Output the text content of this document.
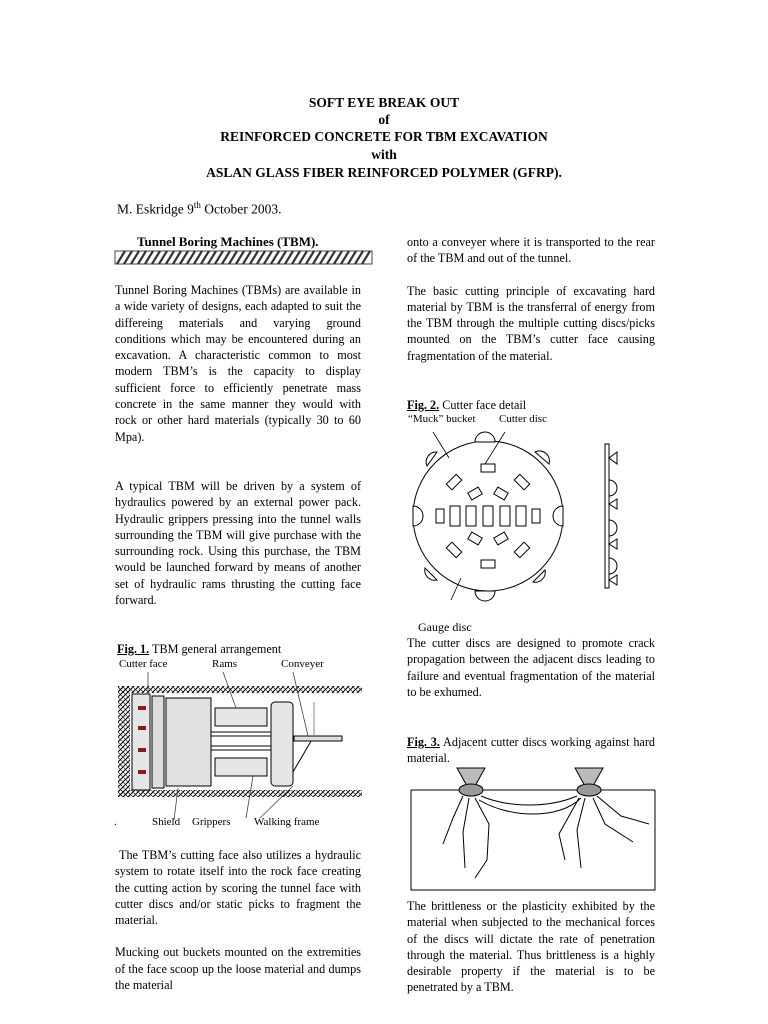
SOFT EYE BREAK OUT
of
REINFORCED CONCRETE FOR TBM EXCAVATION
with
ASLAN GLASS FIBER REINFORCED POLYMER (GFRP).
M. Eskridge 9th October 2003.
Tunnel Boring Machines (TBM).

Tunnel Boring Machines (TBMs) are available in a wide variety of designs, each adapted to suit the differeing materials and varying ground conditions which may be encountered during an excavation. A characteristic common to most modern TBM’s is the capacity to display sufficient force to efficiently penetrate mass concrete in the same manner they would with rock or other hard materials (typically 30 to 60 Mpa).

A typical TBM will be driven by a system of hydraulics powered by an external power pack. Hydraulic grippers pressing into the tunnel walls surrounding the TBM will give purchase with the surrounding rock. Using this purchase, the TBM would be launched forward by means of another set of hydraulic rams thrusting the cutting face forward.

Fig. 1. TBM general arrangement
Cutter face	Rams	Conveyer
.	Shield Grippers Walking frame

The TBM’s cutting face also utilizes a hydraulic system to rotate itself into the rock face creating the cutting action by scoring the tunnel face with cutter discs and/or static picks to fragment the material.

Mucking out buckets mounted on the extremities of the face scoop up the loose material and dumps the material

onto a conveyer where it is transported to the rear of the TBM and out of the tunnel.

The basic cutting principle of excavating hard material by TBM is the transferral of energy from the TBM through the multiple cutting discs/picks mounted on the TBM’s cutter face causing fragmentation of the material.

Fig. 2. Cutter face detail
“Muck” bucket Cutter disc
Gauge disc

The cutter discs are designed to promote crack propagation between the adjacent discs leading to failure and eventual fragmentation of the material to be exhumed.

Fig. 3. Adjacent cutter discs working against hard material.

The brittleness or the plasticity exhibited by the material when subjected to the mechanical forces of the discs will dictate the rate of penetration through the material. Thus brittleness is a highly desirable property if the material is to be penetrated by a TBM.
